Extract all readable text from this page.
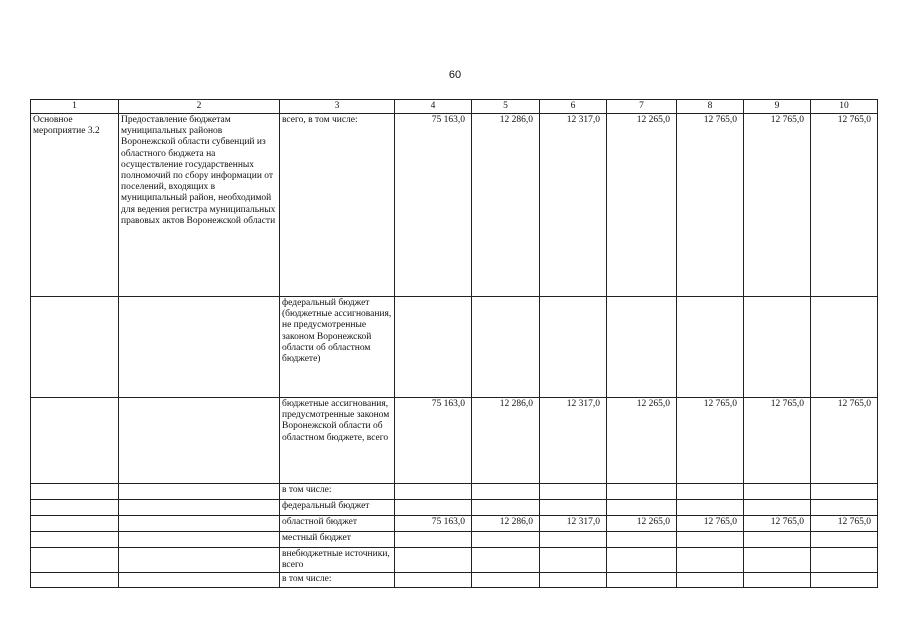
60
1	2	3	4	5	6	7	8	9	10
Основное мероприятие 3.2	Предоставление бюджетам муниципальных районов Воронежской области субвенций из областного бюджета на осуществление государственных полномочий по сбору информации от поселений, входящих в муниципальный район, необходимой для ведения регистра муниципальных правовых актов Воронежской области	всего, в том числе:	75 163,0	12 286,0	12 317,0	12 265,0	12 765,0	12 765,0	12 765,0
		федеральный бюджет (бюджетные ассигнования, не предусмотренные законом Воронежской области об областном бюджете)							
		бюджетные ассигнования, предусмотренные законом Воронежской области об областном бюджете, всего	75 163,0	12 286,0	12 317,0	12 265,0	12 765,0	12 765,0	12 765,0
		в том числе:							
		федеральный бюджет							
		областной бюджет	75 163,0	12 286,0	12 317,0	12 265,0	12 765,0	12 765,0	12 765,0
		местный бюджет							
		внебюджетные источники, всего							
		в том числе:							
